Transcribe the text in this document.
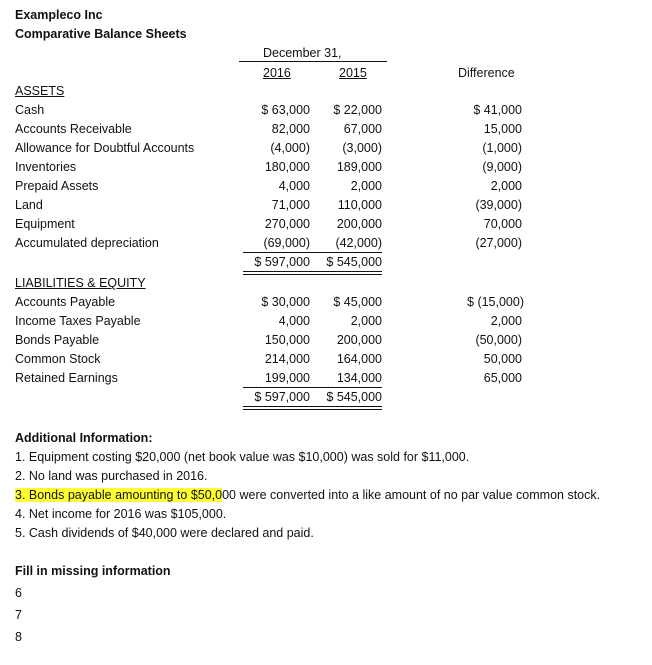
Exampleco Inc
Comparative Balance Sheets
December 31,
2016	2015	Difference
ASSETS
Cash	$ 63,000	$ 22,000	$ 41,000
Accounts Receivable	82,000	67,000	15,000
Allowance for Doubtful Accounts	(4,000)	(3,000)	(1,000)
Inventories	180,000	189,000	(9,000)
Prepaid Assets	4,000	2,000	2,000
Land	71,000	110,000	(39,000)
Equipment	270,000	200,000	70,000
Accumulated depreciation	(69,000)	(42,000)	(27,000)
$ 597,000	$ 545,000
LIABILITIES & EQUITY
Accounts Payable	$ 30,000	$ 45,000	$ (15,000)
Income Taxes Payable	4,000	2,000	2,000
Bonds Payable	150,000	200,000	(50,000)
Common Stock	214,000	164,000	50,000
Retained Earnings	199,000	134,000	65,000
$ 597,000	$ 545,000
Additional Information:
1. Equipment costing $20,000 (net book value was $10,000) was sold for $11,000.
2. No land was purchased in 2016.
3. Bonds payable amounting to $50,000 were converted into a like amount of no par value common stock.
4. Net income for 2016 was $105,000.
5. Cash dividends of $40,000 were declared and paid.
Fill in missing information
6
7
8
